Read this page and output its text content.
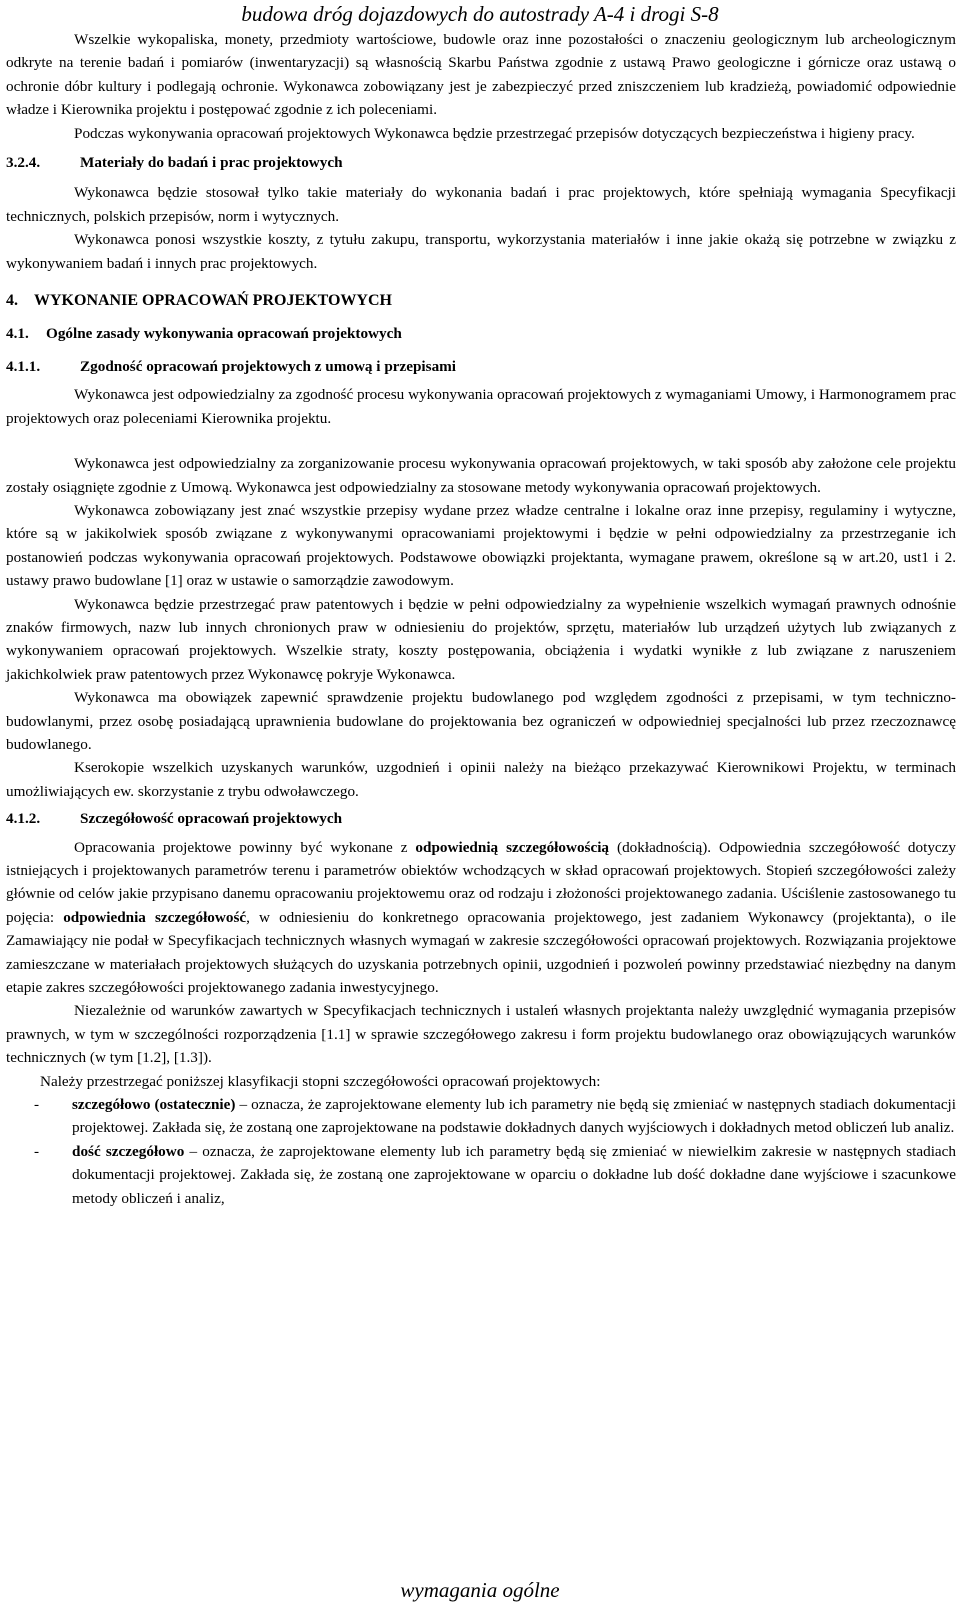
budowa dróg dojazdowych do autostrady A-4 i drogi S-8

Wszelkie wykopaliska, monety, przedmioty wartościowe, budowle oraz inne pozostałości o znaczeniu geologicznym lub archeologicznym odkryte na terenie badań i pomiarów (inwentaryzacji) są własnością Skarbu Państwa zgodnie z ustawą Prawo geologiczne i górnicze oraz ustawą o ochronie dóbr kultury i podlegają ochronie. Wykonawca zobowiązany jest je zabezpieczyć przed zniszczeniem lub kradzieżą, powiadomić odpowiednie władze i Kierownika projektu i postępować zgodnie z ich poleceniami.

Podczas wykonywania opracowań projektowych Wykonawca będzie przestrzegać przepisów dotyczących bezpieczeństwa i higieny pracy.

3.2.4.	Materiały do badań i prac projektowych

Wykonawca będzie stosował tylko takie materiały do wykonania badań i prac projektowych, które spełniają wymagania Specyfikacji technicznych, polskich przepisów, norm i wytycznych.

Wykonawca ponosi wszystkie koszty, z tytułu zakupu, transportu, wykorzystania materiałów i inne jakie okażą się potrzebne w związku z wykonywaniem badań i innych prac projektowych.

4.	WYKONANIE OPRACOWAŃ PROJEKTOWYCH
4.1.	Ogólne zasady wykonywania opracowań projektowych
4.1.1.	Zgodność opracowań projektowych z umową i przepisami

Wykonawca jest odpowiedzialny za zgodność procesu wykonywania opracowań projektowych z wymaganiami Umowy, i Harmonogramem prac projektowych oraz poleceniami Kierownika projektu.

Wykonawca jest odpowiedzialny za zorganizowanie procesu wykonywania opracowań projektowych, w taki sposób aby założone cele projektu zostały osiągnięte zgodnie z Umową. Wykonawca jest odpowiedzialny za stosowane metody wykonywania opracowań projektowych.

Wykonawca zobowiązany jest znać wszystkie przepisy wydane przez władze centralne i lokalne oraz inne przepisy, regulaminy i wytyczne, które są w jakikolwiek sposób związane z wykonywanymi opracowaniami projektowymi i będzie w pełni odpowiedzialny za przestrzeganie ich postanowień podczas wykonywania opracowań projektowych. Podstawowe obowiązki projektanta, wymagane prawem, określone są w art.20, ust1 i 2. ustawy prawo budowlane [1] oraz w ustawie o samorządzie zawodowym.

Wykonawca będzie przestrzegać praw patentowych i będzie w pełni odpowiedzialny za wypełnienie wszelkich wymagań prawnych odnośnie znaków firmowych, nazw lub innych chronionych praw w odniesieniu do projektów, sprzętu, materiałów lub urządzeń użytych lub związanych z wykonywaniem opracowań projektowych. Wszelkie straty, koszty postępowania, obciążenia i wydatki wynikłe z lub związane z naruszeniem jakichkolwiek praw patentowych przez Wykonawcę pokryje Wykonawca.

Wykonawca ma obowiązek zapewnić sprawdzenie projektu budowlanego pod względem zgodności z przepisami, w tym techniczno-budowlanymi, przez osobę posiadającą uprawnienia budowlane do projektowania bez ograniczeń w odpowiedniej specjalności lub przez rzeczoznawcę budowlanego.

Kserokopie wszelkich uzyskanych warunków, uzgodnień i opinii należy na bieżąco przekazywać Kierownikowi Projektu, w terminach umożliwiających ew. skorzystanie z trybu odwoławczego.

4.1.2.	Szczegółowość opracowań projektowych

Opracowania projektowe powinny być wykonane z odpowiednią szczegółowością (dokładnością). Odpowiednia szczegółowość dotyczy istniejących i projektowanych parametrów terenu i parametrów obiektów wchodzących w skład opracowań projektowych. Stopień szczegółowości zależy głównie od celów jakie przypisano danemu opracowaniu projektowemu oraz od rodzaju i złożoności projektowanego zadania. Uściślenie zastosowanego tu pojęcia: odpowiednia szczegółowość, w odniesieniu do konkretnego opracowania projektowego, jest zadaniem Wykonawcy (projektanta), o ile Zamawiający nie podał w Specyfikacjach technicznych własnych wymagań w zakresie szczegółowości opracowań projektowych. Rozwiązania projektowe zamieszczane w materiałach projektowych służących do uzyskania potrzebnych opinii, uzgodnień i pozwoleń powinny przedstawiać niezbędny na danym etapie zakres szczegółowości projektowanego zadania inwestycyjnego.

Niezależnie od warunków zawartych w Specyfikacjach technicznych i ustaleń własnych projektanta należy uwzględnić wymagania przepisów prawnych, w tym w szczególności rozporządzenia [1.1] w sprawie szczegółowego zakresu i form projektu budowlanego oraz obowiązujących warunków technicznych (w tym [1.2], [1.3]).

Należy przestrzegać poniższej klasyfikacji stopni szczegółowości opracowań projektowych:

-	szczegółowo (ostatecznie) – oznacza, że zaprojektowane elementy lub ich parametry nie będą się zmieniać w następnych stadiach dokumentacji projektowej. Zakłada się, że zostaną one zaprojektowane na podstawie dokładnych danych wyjściowych i dokładnych metod obliczeń lub analiz.
-	dość szczegółowo – oznacza, że zaprojektowane elementy lub ich parametry będą się zmieniać w niewielkim zakresie w następnych stadiach dokumentacji projektowej. Zakłada się, że zostaną one zaprojektowane w oparciu o dokładne lub dość dokładne dane wyjściowe i szacunkowe metody obliczeń i analiz,
wymagania ogólne
